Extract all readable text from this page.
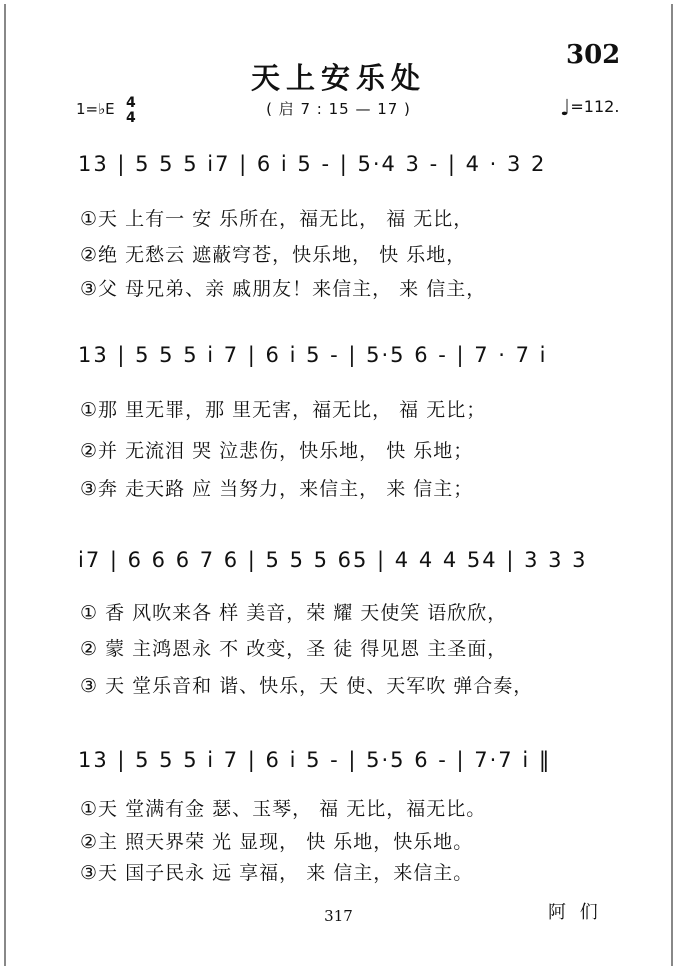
302
天上安乐处
( 启 7 : 15 — 17 )
1=♭E 4
4	♩=112.
13 | 5 5 5 i7 | 6 i 5 - | 5·4 3 - | 4 · 3 2
①天 上有一 安 乐所在，福无比， 福 无比，
②绝 无愁云 遮蔽穹苍，快乐地， 快 乐地，
③父 母兄弟、亲 戚朋友！来信主， 来 信主，
13 | 5 5 5 i 7 | 6 i 5 - | 5·5 6 - | 7 · 7 i
①那 里无罪，那 里无害，福无比， 福 无比；
②并 无流泪 哭 泣悲伤，快乐地， 快 乐地；
③奔 走天路 应 当努力，来信主， 来 信主；
i7 | 6 6 6 7 6 | 5 5 5 65 | 4 4 4 54 | 3 3 3
① 香 风吹来各 样 美音，荣 耀 天使笑 语欣欣，
② 蒙 主鸿恩永 不 改变，圣 徒 得见恩 主圣面，
③ 天 堂乐音和 谐、快乐，天 使、天军吹 弹合奏，
13 | 5 5 5 i 7 | 6 i 5 - | 5·5 6 - | 7·7 i ‖
①天 堂满有金 瑟、玉琴， 福 无比，福无比。
②主 照天界荣 光 显现， 快 乐地，快乐地。
③天 国子民永 远 享福， 来 信主，来信主。
阿 们
317
